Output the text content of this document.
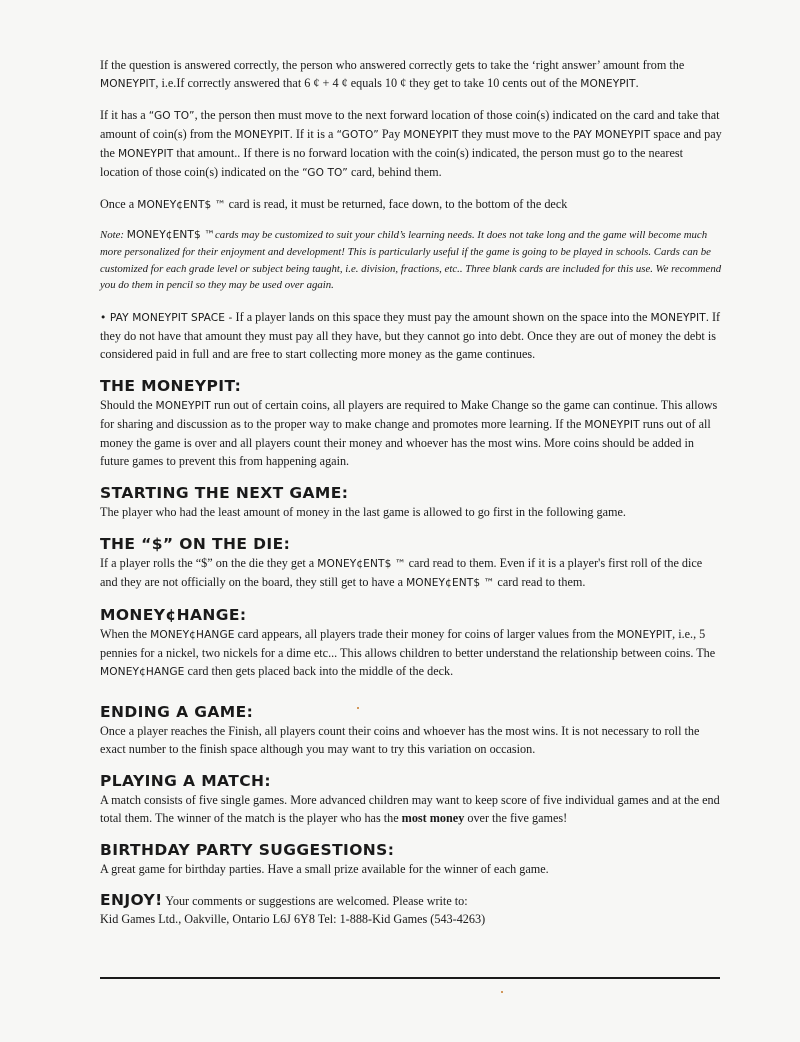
If the question is answered correctly, the person who answered correctly gets to take the ‘right answer’ amount from the MONEYPIT, i.e.If correctly answered that 6 ¢ + 4 ¢ equals 10 ¢ they get to take 10 cents out of the MONEYPIT.

If it has a “GO TO”, the person then must move to the next forward location of those coin(s) indicated on the card and take that amount of coin(s) from the MONEYPIT. If it is a “GOTO” Pay MONEYPIT they must move to the PAY MONEYPIT space and pay the MONEYPIT that amount.. If there is no forward location with the coin(s) indicated, the person must go to the nearest location of those coin(s) indicated on the “GO TO” card, behind them.

Once a MONEY¢ENT$ ™ card is read, it must be returned, face down, to the bottom of the deck

Note: MONEY¢ENT$ ™cards may be customized to suit your child’s learning needs. It does not take long and the game will become much more personalized for their enjoyment and development! This is particularly useful if the game is going to be played in schools. Cards can be customized for each grade level or subject being taught, i.e. division, fractions, etc.. Three blank cards are included for this use. We recommend you do them in pencil so they may be used over again.

• PAY MONEYPIT SPACE - If a player lands on this space they must pay the amount shown on the space into the MONEYPIT. If they do not have that amount they must pay all they have, but they cannot go into debt. Once they are out of money the debt is considered paid in full and are free to start collecting more money as the game continues.

THE MONEYPIT:

Should the MONEYPIT run out of certain coins, all players are required to Make Change so the game can continue. This allows for sharing and discussion as to the proper way to make change and promotes more learning. If the MONEYPIT runs out of all money the game is over and all players count their money and whoever has the most wins. More coins should be added in future games to prevent this from happening again.

STARTING THE NEXT GAME:

The player who had the least amount of money in the last game is allowed to go first in the following game.

THE “$” ON THE DIE:

If a player rolls the “$” on the die they get a MONEY¢ENT$ ™ card read to them. Even if it is a player's first roll of the dice and they are not officially on the board, they still get to have a MONEY¢ENT$ ™ card read to them.

MONEY¢HANGE:

When the MONEY¢HANGE card appears, all players trade their money for coins of larger values from the MONEYPIT, i.e., 5 pennies for a nickel, two nickels for a dime etc... This allows children to better understand the relationship between coins. The MONEY¢HANGE card then gets placed back into the middle of the deck.

ENDING A GAME:

Once a player reaches the Finish, all players count their coins and whoever has the most wins. It is not necessary to roll the exact number to the finish space although you may want to try this variation on occasion.

PLAYING A MATCH:

A match consists of five single games. More advanced children may want to keep score of five individual games and at the end total them. The winner of the match is the player who has the most money over the five games!

BIRTHDAY PARTY SUGGESTIONS:

A great game for birthday parties. Have a small prize available for the winner of each game.

ENJOY! Your comments or suggestions are welcomed. Please write to:

Kid Games Ltd., Oakville, Ontario L6J 6Y8 Tel: 1-888-Kid Games (543-4263)
